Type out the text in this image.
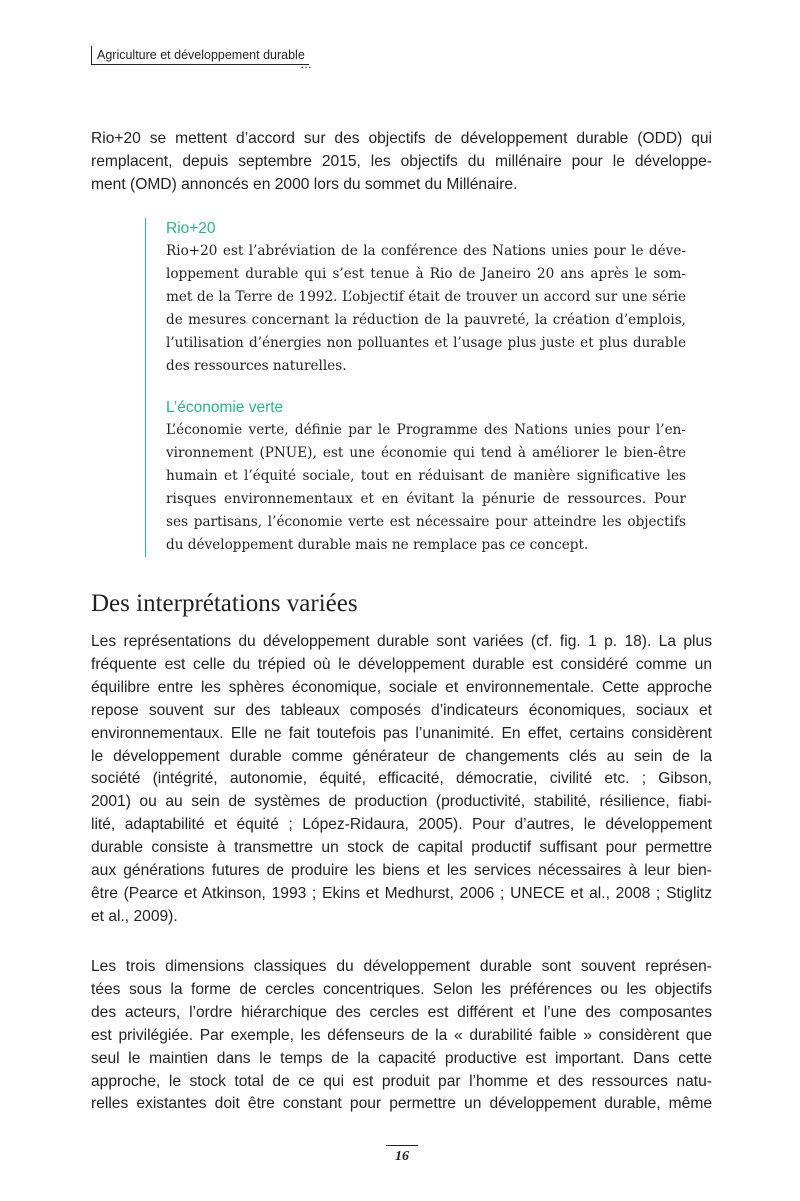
Agriculture et développement durable
…
Rio+20 se mettent d’accord sur des objectifs de développement durable (ODD) qui
remplacent, depuis septembre 2015, les objectifs du millénaire pour le développe-
ment (OMD) annoncés en 2000 lors du sommet du Millénaire.
Rio+20
Rio+20 est l’abréviation de la conférence des Nations unies pour le déve-
loppement durable qui s’est tenue à Rio de Janeiro 20 ans après le som-
met de la Terre de 1992. L’objectif était de trouver un accord sur une série
de mesures concernant la réduction de la pauvreté, la création d’emplois,
l’utilisation d’énergies non polluantes et l’usage plus juste et plus durable
des ressources naturelles.
L’économie verte
L’économie verte, définie par le Programme des Nations unies pour l’en-
vironnement (PNUE), est une économie qui tend à améliorer le bien-être
humain et l’équité sociale, tout en réduisant de manière significative les
risques environnementaux et en évitant la pénurie de ressources. Pour
ses partisans, l’économie verte est nécessaire pour atteindre les objectifs
du développement durable mais ne remplace pas ce concept.
Des interprétations variées
Les représentations du développement durable sont variées (cf. fig. 1 p. 18). La plus
fréquente est celle du trépied où le développement durable est considéré comme un
équilibre entre les sphères économique, sociale et environnementale. Cette approche
repose souvent sur des tableaux composés d’indicateurs économiques, sociaux et
environnementaux. Elle ne fait toutefois pas l’unanimité. En effet, certains considèrent
le développement durable comme générateur de changements clés au sein de la
société (intégrité, autonomie, équité, efficacité, démocratie, civilité etc. ; Gibson,
2001) ou au sein de systèmes de production (productivité, stabilité, résilience, fiabi-
lité, adaptabilité et équité ; López-Ridaura, 2005). Pour d’autres, le développement
durable consiste à transmettre un stock de capital productif suffisant pour permettre
aux générations futures de produire les biens et les services nécessaires à leur bien-
être (Pearce et Atkinson, 1993 ; Ekins et Medhurst, 2006 ; UNECE et al., 2008 ; Stiglitz
et al., 2009).
Les trois dimensions classiques du développement durable sont souvent représen-
tées sous la forme de cercles concentriques. Selon les préférences ou les objectifs
des acteurs, l’ordre hiérarchique des cercles est différent et l’une des composantes
est privilégiée. Par exemple, les défenseurs de la « durabilité faible » considèrent que
seul le maintien dans le temps de la capacité productive est important. Dans cette
approche, le stock total de ce qui est produit par l’homme et des ressources natu-
relles existantes doit être constant pour permettre un développement durable, même
16
